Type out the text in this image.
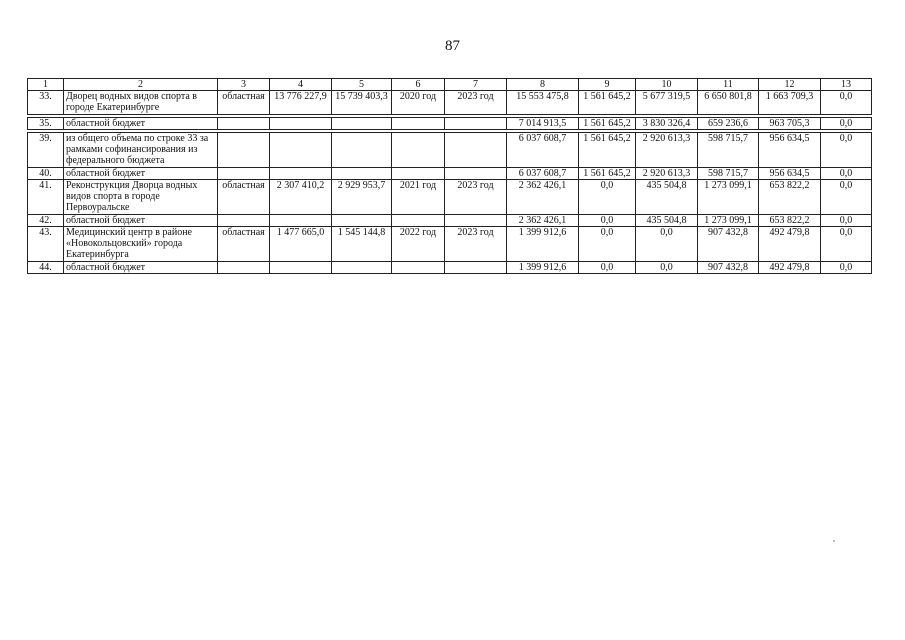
87
1	2	3	4	5	6	7	8	9	10	11	12	13
33.	Дворец водных видов спорта в городе Екатеринбурге	областная	13 776 227,9	15 739 403,3	2020 год	2023 год	15 553 475,8	1 561 645,2	5 677 319,5	6 650 801,8	1 663 709,3	0,0

35.	областной бюджет						7 014 913,5	1 561 645,2	3 830 326,4	659 236,6	963 705,3	0,0

39.	из общего объема по строке 33 за рамками софинансирования из федерального бюджета						6 037 608,7	1 561 645,2	2 920 613,3	598 715,7	956 634,5	0,0
40.	областной бюджет						6 037 608,7	1 561 645,2	2 920 613,3	598 715,7	956 634,5	0,0
41.	Реконструкция Дворца водных видов спорта в городе Первоуральске	областная	2 307 410,2	2 929 953,7	2021 год	2023 год	2 362 426,1	0,0	435 504,8	1 273 099,1	653 822,2	0,0
42.	областной бюджет						2 362 426,1	0,0	435 504,8	1 273 099,1	653 822,2	0,0
43.	Медицинский центр в районе «Новокольцовский» города Екатеринбурга	областная	1 477 665,0	1 545 144,8	2022 год	2023 год	1 399 912,6	0,0	0,0	907 432,8	492 479,8	0,0
44.	областной бюджет						1 399 912,6	0,0	0,0	907 432,8	492 479,8	0,0
